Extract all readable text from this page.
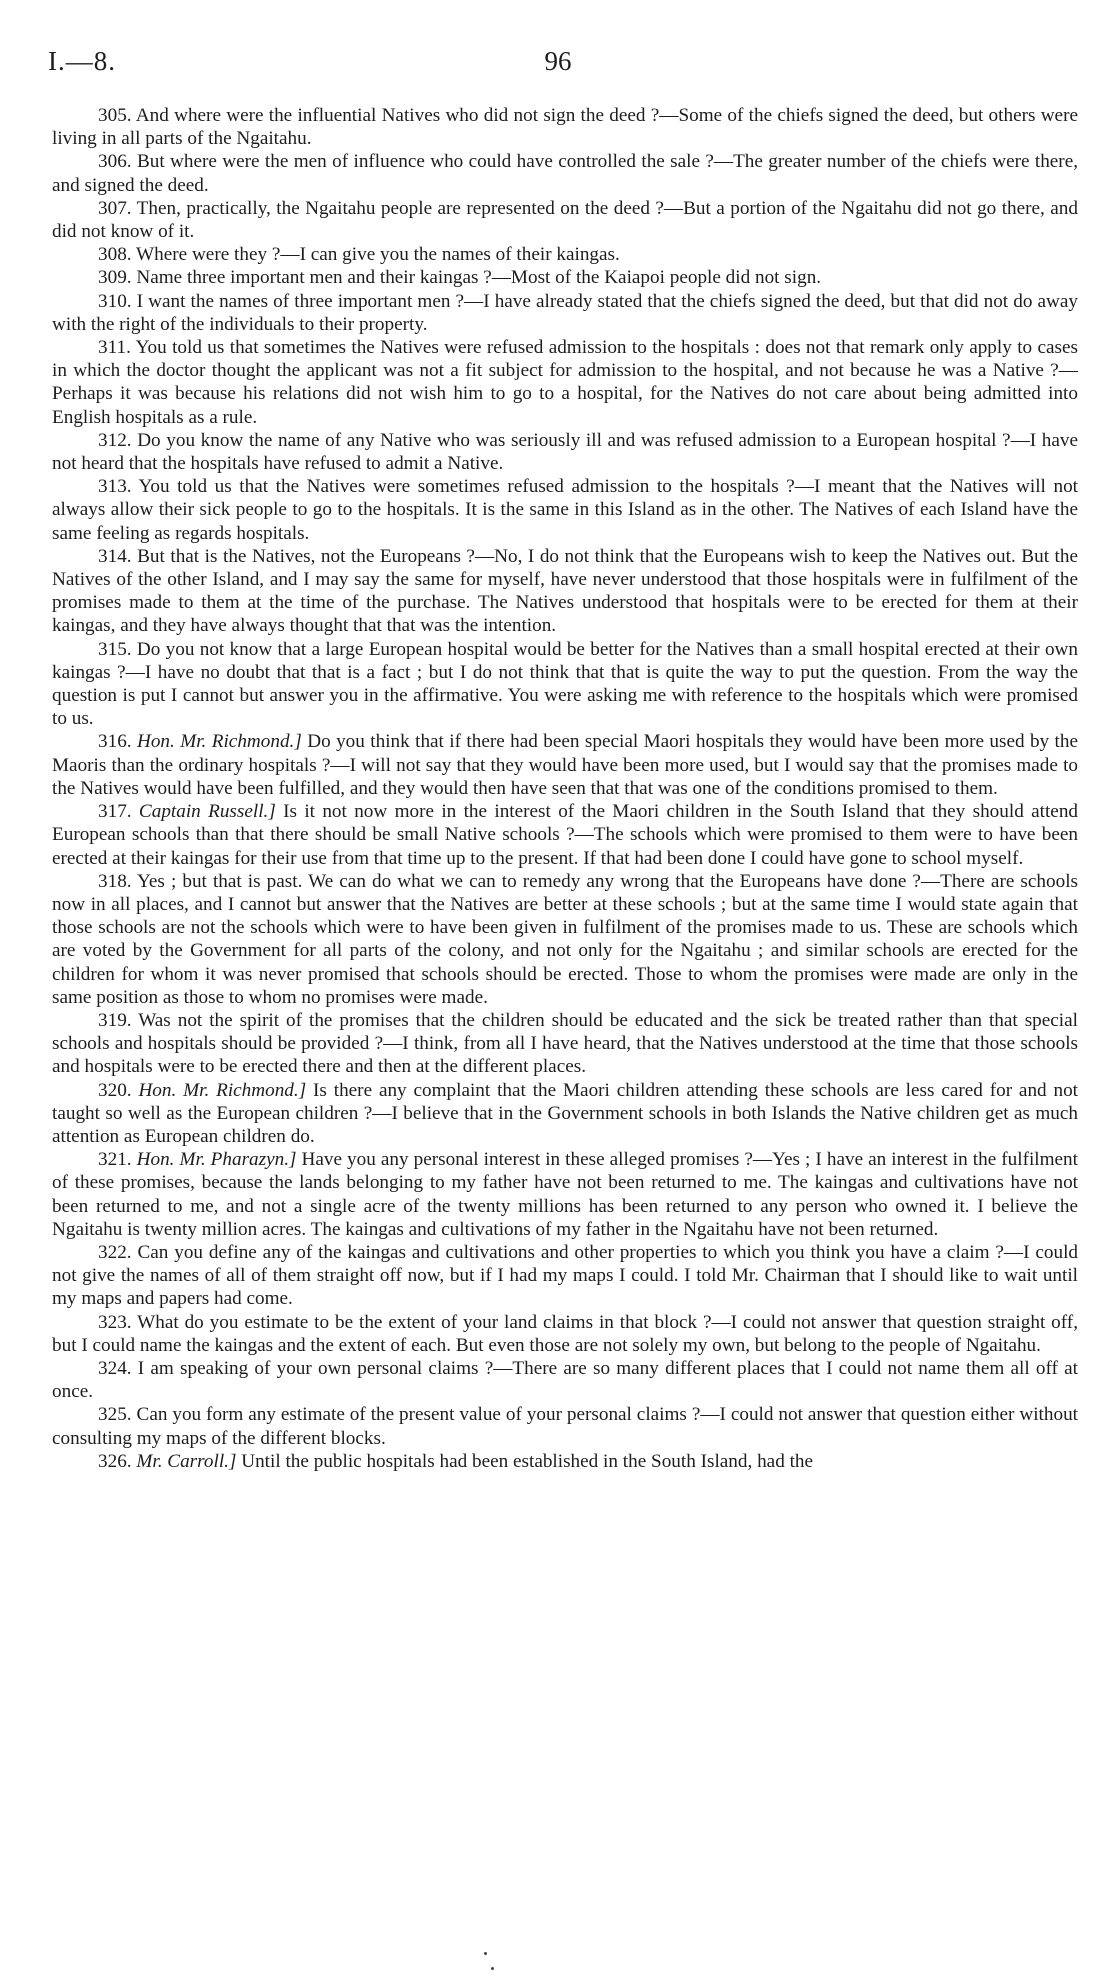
I.—8.	96

305. And where were the influential Natives who did not sign the deed ?—Some of the chiefs signed the deed, but others were living in all parts of the Ngaitahu.

306. But where were the men of influence who could have controlled the sale ?—The greater number of the chiefs were there, and signed the deed.

307. Then, practically, the Ngaitahu people are represented on the deed ?—But a portion of the Ngaitahu did not go there, and did not know of it.

308. Where were they ?—I can give you the names of their kaingas.

309. Name three important men and their kaingas ?—Most of the Kaiapoi people did not sign.

310. I want the names of three important men ?—I have already stated that the chiefs signed the deed, but that did not do away with the right of the individuals to their property.

311. You told us that sometimes the Natives were refused admission to the hospitals : does not that remark only apply to cases in which the doctor thought the applicant was not a fit subject for admission to the hospital, and not because he was a Native ?—Perhaps it was because his relations did not wish him to go to a hospital, for the Natives do not care about being admitted into English hospitals as a rule.

312. Do you know the name of any Native who was seriously ill and was refused admission to a European hospital ?—I have not heard that the hospitals have refused to admit a Native.

313. You told us that the Natives were sometimes refused admission to the hospitals ?—I meant that the Natives will not always allow their sick people to go to the hospitals. It is the same in this Island as in the other. The Natives of each Island have the same feeling as regards hospitals.

314. But that is the Natives, not the Europeans ?—No, I do not think that the Europeans wish to keep the Natives out. But the Natives of the other Island, and I may say the same for myself, have never understood that those hospitals were in fulfilment of the promises made to them at the time of the purchase. The Natives understood that hospitals were to be erected for them at their kaingas, and they have always thought that that was the intention.

315. Do you not know that a large European hospital would be better for the Natives than a small hospital erected at their own kaingas ?—I have no doubt that that is a fact ; but I do not think that that is quite the way to put the question. From the way the question is put I cannot but answer you in the affirmative. You were asking me with reference to the hospitals which were promised to us.

316. Hon. Mr. Richmond.] Do you think that if there had been special Maori hospitals they would have been more used by the Maoris than the ordinary hospitals ?—I will not say that they would have been more used, but I would say that the promises made to the Natives would have been fulfilled, and they would then have seen that that was one of the conditions promised to them.

317. Captain Russell.] Is it not now more in the interest of the Maori children in the South Island that they should attend European schools than that there should be small Native schools ?—The schools which were promised to them were to have been erected at their kaingas for their use from that time up to the present. If that had been done I could have gone to school myself.

318. Yes ; but that is past. We can do what we can to remedy any wrong that the Europeans have done ?—There are schools now in all places, and I cannot but answer that the Natives are better at these schools ; but at the same time I would state again that those schools are not the schools which were to have been given in fulfilment of the promises made to us. These are schools which are voted by the Government for all parts of the colony, and not only for the Ngaitahu ; and similar schools are erected for the children for whom it was never promised that schools should be erected. Those to whom the promises were made are only in the same position as those to whom no promises were made.

319. Was not the spirit of the promises that the children should be educated and the sick be treated rather than that special schools and hospitals should be provided ?—I think, from all I have heard, that the Natives understood at the time that those schools and hospitals were to be erected there and then at the different places.

320. Hon. Mr. Richmond.] Is there any complaint that the Maori children attending these schools are less cared for and not taught so well as the European children ?—I believe that in the Government schools in both Islands the Native children get as much attention as European children do.

321. Hon. Mr. Pharazyn.] Have you any personal interest in these alleged promises ?—Yes ; I have an interest in the fulfilment of these promises, because the lands belonging to my father have not been returned to me. The kaingas and cultivations have not been returned to me, and not a single acre of the twenty millions has been returned to any person who owned it. I believe the Ngaitahu is twenty million acres. The kaingas and cultivations of my father in the Ngaitahu have not been returned.

322. Can you define any of the kaingas and cultivations and other properties to which you think you have a claim ?—I could not give the names of all of them straight off now, but if I had my maps I could. I told Mr. Chairman that I should like to wait until my maps and papers had come.

323. What do you estimate to be the extent of your land claims in that block ?—I could not answer that question straight off, but I could name the kaingas and the extent of each. But even those are not solely my own, but belong to the people of Ngaitahu.

324. I am speaking of your own personal claims ?—There are so many different places that I could not name them all off at once.

325. Can you form any estimate of the present value of your personal claims ?—I could not answer that question either without consulting my maps of the different blocks.

326. Mr. Carroll.] Until the public hospitals had been established in the South Island, had the
